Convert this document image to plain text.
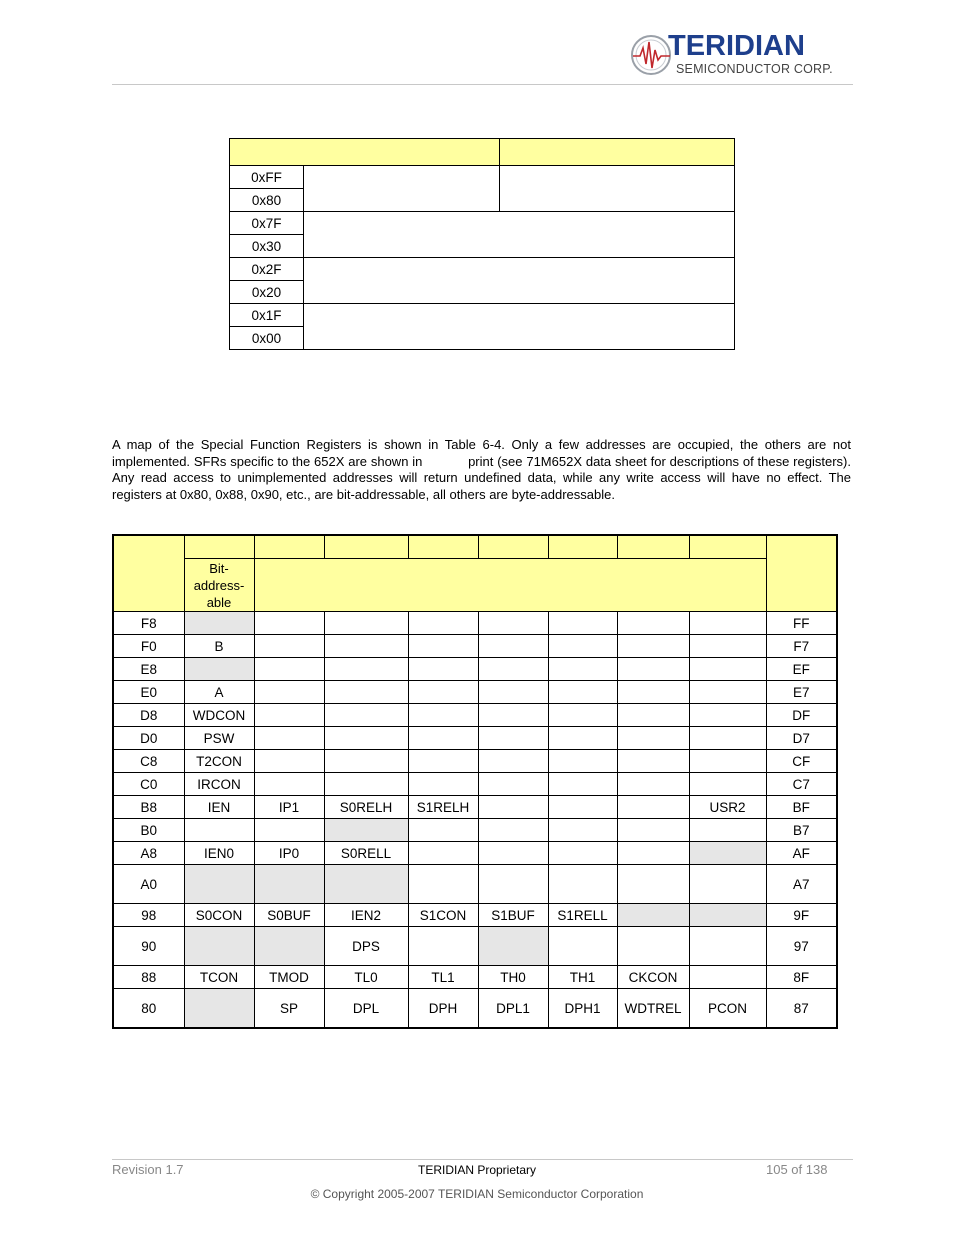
TERIDIAN
SEMICONDUCTOR CORP.

0xFF		
0x80		
0x7F		
0x30		
0x2F		
0x20		
0x1F		
0x00		

A map of the Special Function Registers is shown in Table 6-4. Only a few addresses are occupied, the others are not implemented. SFRs specific to the 652X are shown in	print (see 71M652X data sheet for descriptions of these registers). Any read access to unimplemented addresses will return undefined data, while any write access will have no effect. The registers at 0x80, 0x88, 0x90, etc., are bit-addressable, all others are byte-addressable.

	Bit-
address-
able								
F8									FF
F0	B								F7
E8									EF
E0	A								E7
D8	WDCON								DF
D0	PSW								D7
C8	T2CON								CF
C0	IRCON								C7
B8	IEN	IP1	S0RELH	S1RELH				USR2	BF
B0									B7
A8	IEN0	IP0	S0RELL						AF
A0									A7
98	S0CON	S0BUF	IEN2	S1CON	S1BUF	S1RELL			9F
90			DPS						97
88	TCON	TMOD	TL0	TL1	TH0	TH1	CKCON		8F
80		SP	DPL	DPH	DPL1	DPH1	WDTREL	PCON	87
Revision 1.7	TERIDIAN Proprietary	105 of 138
© Copyright 2005-2007 TERIDIAN Semiconductor Corporation
